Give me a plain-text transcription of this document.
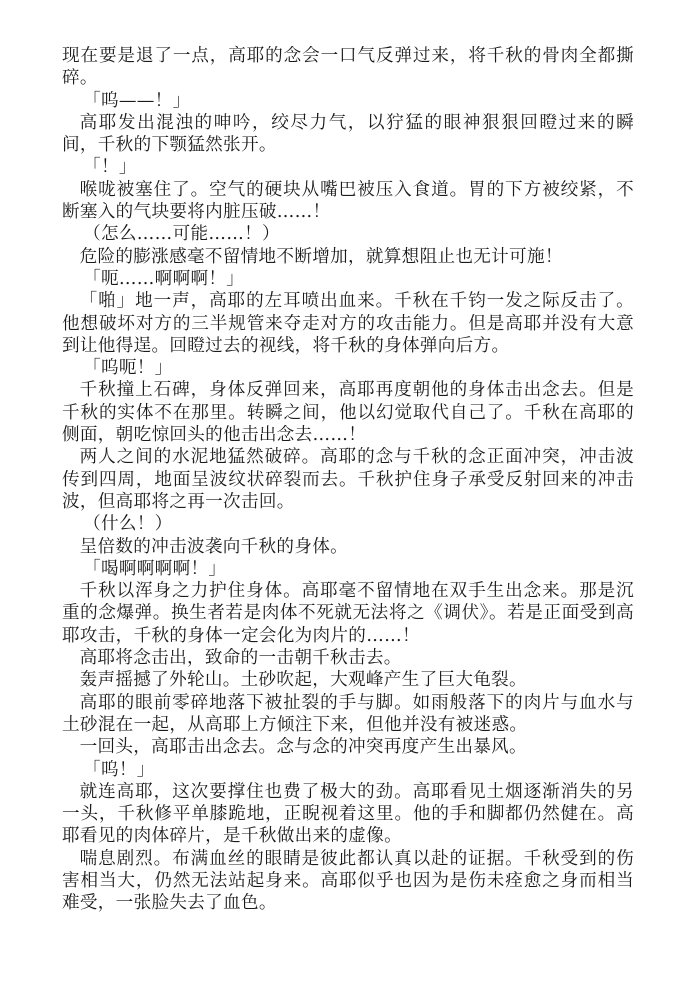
现在要是退了一点，高耶的念会一口气反弹过来，将千秋的骨肉全都撕碎。

「呜——！」

高耶发出混浊的呻吟，绞尽力气，以狞猛的眼神狠狠回瞪过来的瞬间，千秋的下颚猛然张开。

「！」

喉咙被塞住了。空气的硬块从嘴巴被压入食道。胃的下方被绞紧，不断塞入的气块要将内脏压破……！

（怎么……可能……！）

危险的膨涨感毫不留情地不断增加，就算想阻止也无计可施！

「呃……啊啊啊！」

「啪」地一声，高耶的左耳喷出血来。千秋在千钧一发之际反击了。他想破坏对方的三半规管来夺走对方的攻击能力。但是高耶并没有大意到让他得逞。回瞪过去的视线，将千秋的身体弹向后方。

「呜呃！」

千秋撞上石碑，身体反弹回来，高耶再度朝他的身体击出念去。但是千秋的实体不在那里。转瞬之间，他以幻觉取代自己了。千秋在高耶的侧面，朝吃惊回头的他击出念去……！

两人之间的水泥地猛然破碎。高耶的念与千秋的念正面冲突，冲击波传到四周，地面呈波纹状碎裂而去。千秋护住身子承受反射回来的冲击波，但高耶将之再一次击回。

（什么！）

呈倍数的冲击波袭向千秋的身体。

「喝啊啊啊啊！」

千秋以浑身之力护住身体。高耶毫不留情地在双手生出念来。那是沉重的念爆弹。换生者若是肉体不死就无法将之《调伏》。若是正面受到高耶攻击，千秋的身体一定会化为肉片的……！

高耶将念击出，致命的一击朝千秋击去。

轰声摇撼了外轮山。土砂吹起，大观峰产生了巨大龟裂。

高耶的眼前零碎地落下被扯裂的手与脚。如雨般落下的肉片与血水与土砂混在一起，从高耶上方倾注下来，但他并没有被迷惑。

一回头，高耶击出念去。念与念的冲突再度产生出暴风。

「呜！」

就连高耶，这次要撑住也费了极大的劲。高耶看见土烟逐渐消失的另一头，千秋修平单膝跪地，正睨视着这里。他的手和脚都仍然健在。高耶看见的肉体碎片，是千秋做出来的虚像。

喘息剧烈。布满血丝的眼睛是彼此都认真以赴的证据。千秋受到的伤害相当大，仍然无法站起身来。高耶似乎也因为是伤未痊愈之身而相当难受，一张脸失去了血色。
